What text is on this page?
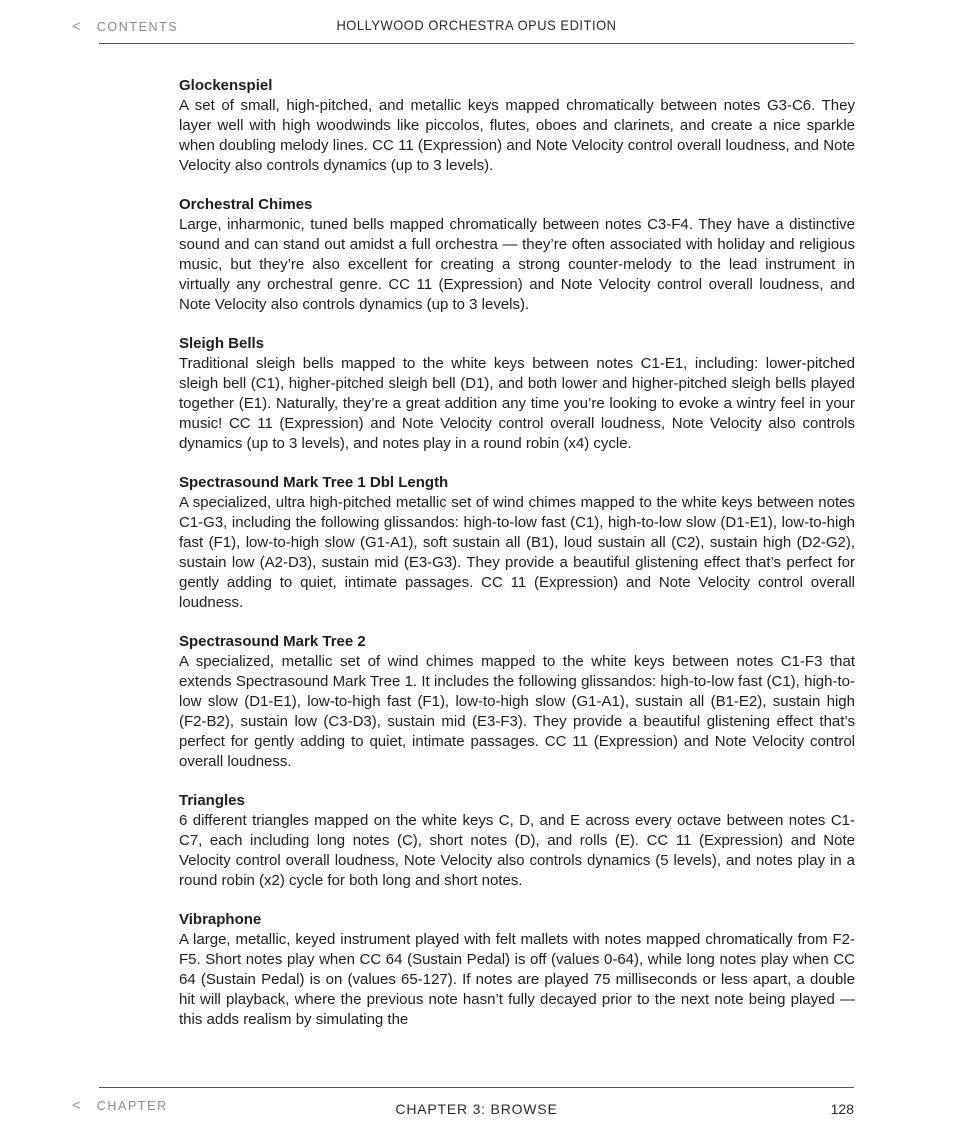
HOLLYWOOD ORCHESTRA OPUS EDITION
< CONTENTS
Glockenspiel

A set of small, high-pitched, and metallic keys mapped chromatically between notes G3-C6. They layer well with high woodwinds like piccolos, flutes, oboes and clarinets, and create a nice sparkle when doubling melody lines. CC 11 (Expression) and Note Velocity control overall loudness, and Note Velocity also controls dynamics (up to 3 levels).

Orchestral Chimes

Large, inharmonic, tuned bells mapped chromatically between notes C3-F4. They have a distinctive sound and can stand out amidst a full orchestra — they’re often associated with holiday and religious music, but they’re also excellent for creating a strong counter-melody to the lead instrument in virtually any orchestral genre. CC 11 (Expression) and Note Velocity control overall loudness, and Note Velocity also controls dynamics (up to 3 levels).

Sleigh Bells

Traditional sleigh bells mapped to the white keys between notes C1-E1, including: lower-pitched sleigh bell (C1), higher-pitched sleigh bell (D1), and both lower and higher-pitched sleigh bells played together (E1). Naturally, they’re a great addition any time you’re looking to evoke a wintry feel in your music! CC 11 (Expression) and Note Velocity control overall loudness, Note Velocity also controls dynamics (up to 3 levels), and notes play in a round robin (x4) cycle.

Spectrasound Mark Tree 1 Dbl Length

A specialized, ultra high-pitched metallic set of wind chimes mapped to the white keys between notes C1-G3, including the following glissandos: high-to-low fast (C1), high-to-low slow (D1-E1), low-to-high fast (F1), low-to-high slow (G1-A1), soft sustain all (B1), loud sustain all (C2), sustain high (D2-G2), sustain low (A2-D3), sustain mid (E3-G3). They provide a beautiful glistening effect that’s perfect for gently adding to quiet, intimate passages. CC 11 (Expression) and Note Velocity control overall loudness.

Spectrasound Mark Tree 2

A specialized, metallic set of wind chimes mapped to the white keys between notes C1-F3 that extends Spectrasound Mark Tree 1. It includes the following glissandos: high-to-low fast (C1), high-to-low slow (D1-E1), low-to-high fast (F1), low-to-high slow (G1-A1), sustain all (B1-E2), sustain high (F2-B2), sustain low (C3-D3), sustain mid (E3-F3). They provide a beautiful glistening effect that’s perfect for gently adding to quiet, intimate passages. CC 11 (Expression) and Note Velocity control overall loudness.

Triangles

6 different triangles mapped on the white keys C, D, and E across every octave between notes C1-C7, each including long notes (C), short notes (D), and rolls (E). CC 11 (Expression) and Note Velocity control overall loudness, Note Velocity also controls dynamics (5 levels), and notes play in a round robin (x2) cycle for both long and short notes.

Vibraphone

A large, metallic, keyed instrument played with felt mallets with notes mapped chromatically from F2-F5. Short notes play when CC 64 (Sustain Pedal) is off (values 0-64), while long notes play when CC 64 (Sustain Pedal) is on (values 65-127). If notes are played 75 milliseconds or less apart, a double hit will playback, where the previous note hasn’t fully decayed prior to the next note being played — this adds realism by simulating the

CHAPTER 3: BROWSE	128
< CHAPTER
